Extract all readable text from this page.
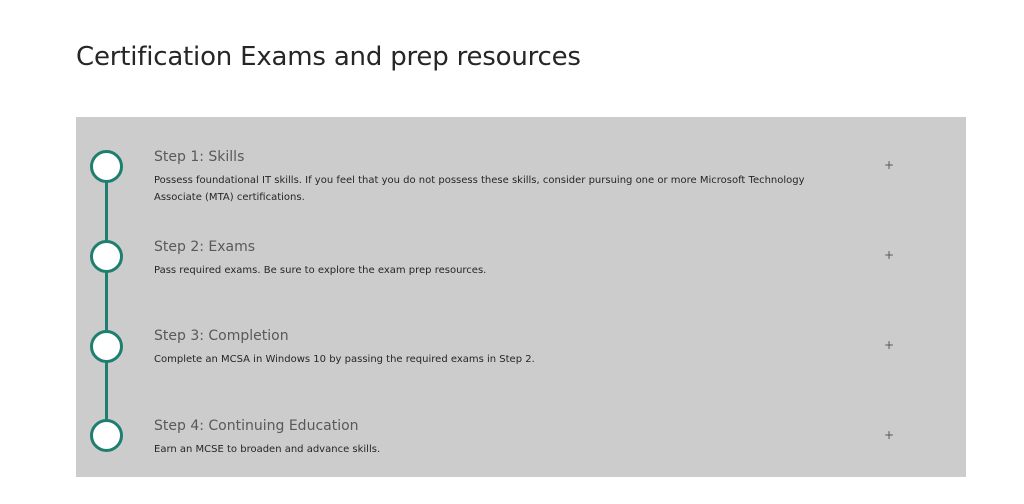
Certification Exams and prep resources
Step 1: Skills

Possess foundational IT skills. If you feel that you do not possess these skills, consider pursuing one or more Microsoft Technology Associate (MTA) certifications.

+
Step 2: Exams

Pass required exams. Be sure to explore the exam prep resources.

+
Step 3: Completion

Complete an MCSA in Windows 10 by passing the required exams in Step 2.

+
Step 4: Continuing Education

Earn an MCSE to broaden and advance skills.

+
